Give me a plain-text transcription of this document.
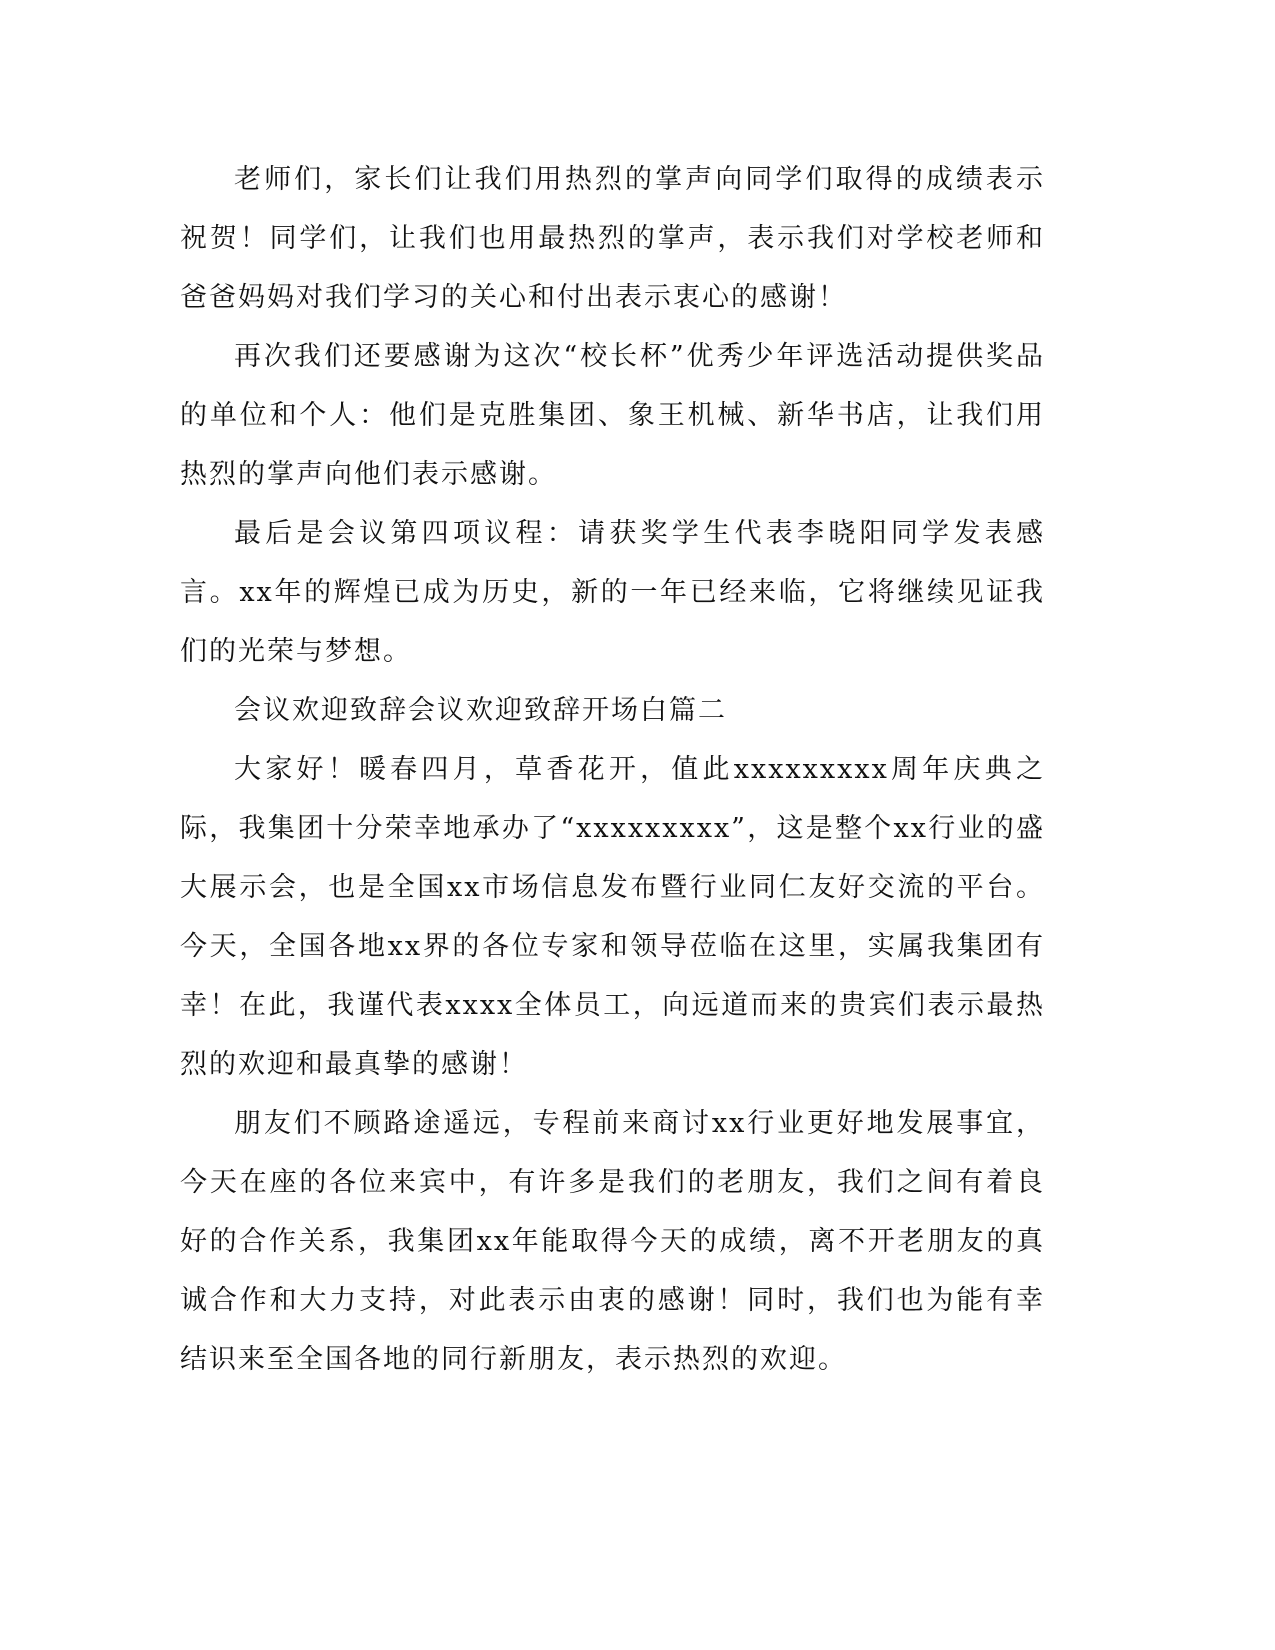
老师们，家长们让我们用热烈的掌声向同学们取得的成绩表示祝贺！同学们，让我们也用最热烈的掌声，表示我们对学校老师和爸爸妈妈对我们学习的关心和付出表示衷心的感谢！

再次我们还要感谢为这次“校长杯”优秀少年评选活动提供奖品的单位和个人：他们是克胜集团、象王机械、新华书店，让我们用热烈的掌声向他们表示感谢。

最后是会议第四项议程：请获奖学生代表李晓阳同学发表感言。xx年的辉煌已成为历史，新的一年已经来临，它将继续见证我们的光荣与梦想。

会议欢迎致辞会议欢迎致辞开场白篇二

大家好！暖春四月，草香花开，值此xxxxxxxxx周年庆典之际，我集团十分荣幸地承办了“xxxxxxxxx”，这是整个xx行业的盛大展示会，也是全国xx市场信息发布暨行业同仁友好交流的平台。今天，全国各地xx界的各位专家和领导莅临在这里，实属我集团有幸！在此，我谨代表xxxx全体员工，向远道而来的贵宾们表示最热烈的欢迎和最真挚的感谢！

朋友们不顾路途遥远，专程前来商讨xx行业更好地发展事宜，今天在座的各位来宾中，有许多是我们的老朋友，我们之间有着良好的合作关系，我集团xx年能取得今天的成绩，离不开老朋友的真诚合作和大力支持，对此表示由衷的感谢！同时，我们也为能有幸结识来至全国各地的同行新朋友，表示热烈的欢迎。
